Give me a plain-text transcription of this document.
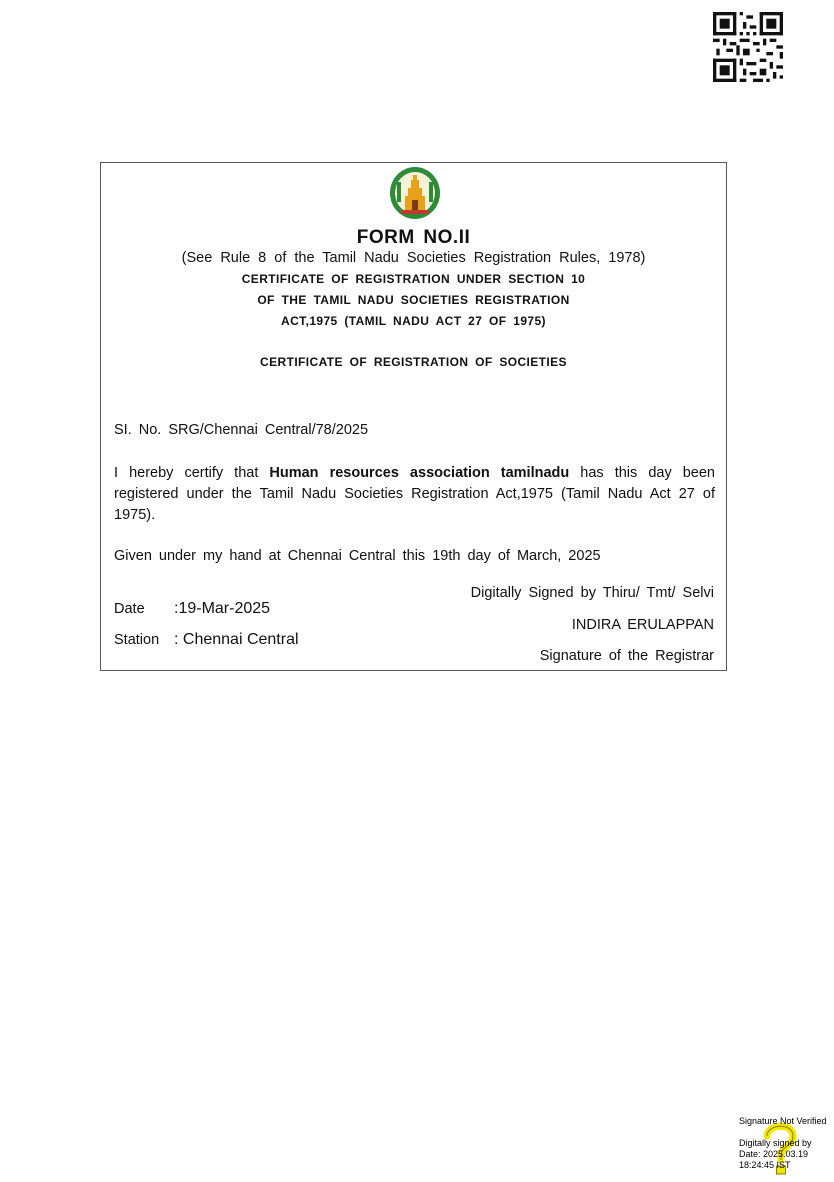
FORM NO.II
(See Rule 8 of the Tamil Nadu Societies Registration Rules, 1978)
CERTIFICATE OF REGISTRATION UNDER SECTION 10
OF THE TAMIL NADU SOCIETIES REGISTRATION
ACT,1975 (TAMIL NADU ACT 27 OF 1975)
CERTIFICATE OF REGISTRATION OF SOCIETIES
SI. No. SRG/Chennai Central/78/2025
I hereby certify that Human resources association tamilnadu has this day been registered under the Tamil Nadu Societies Registration Act,1975 (Tamil Nadu Act 27 of 1975).
Given under my hand at Chennai Central this 19th day of March, 2025
Digitally Signed by Thiru/ Tmt/ Selvi
Date :19-Mar-2025
INDIRA ERULAPPAN
Station : Chennai Central
Signature of the Registrar
Signature Not Verified
Digitally signed by
Date: 2025.03.19
18:24:45 IST
